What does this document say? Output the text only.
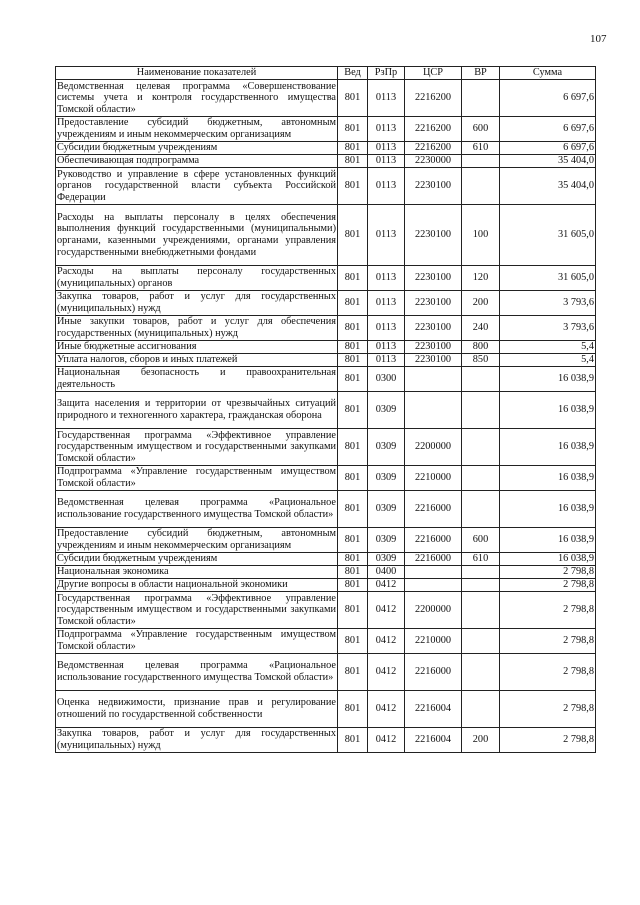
107
Наименование показателей	Вед	РзПр	ЦСР	ВР	Сумма
Ведомственная целевая программа «Совершенствование системы учета и контроля государственного имущества Томской области»	801	0113	2216200		6 697,6
Предоставление субсидий бюджетным, автономным учреждениям и иным некоммерческим организациям	801	0113	2216200	600	6 697,6
Субсидии бюджетным учреждениям	801	0113	2216200	610	6 697,6
Обеспечивающая подпрограмма	801	0113	2230000		35 404,0
Руководство и управление в сфере установленных функций органов государственной власти субъекта Российской Федерации	801	0113	2230100		35 404,0
Расходы на выплаты персоналу в целях обеспечения выполнения функций государственными (муниципальными) органами, казенными учреждениями, органами управления государственными внебюджетными фондами	801	0113	2230100	100	31 605,0
Расходы на выплаты персоналу государственных (муниципальных) органов	801	0113	2230100	120	31 605,0
Закупка товаров, работ и услуг для государственных (муниципальных) нужд	801	0113	2230100	200	3 793,6
Иные закупки товаров, работ и услуг для обеспечения государственных (муниципальных) нужд	801	0113	2230100	240	3 793,6
Иные бюджетные ассигнования	801	0113	2230100	800	5,4
Уплата налогов, сборов и иных платежей	801	0113	2230100	850	5,4
Национальная безопасность и правоохранительная деятельность	801	0300			16 038,9
Защита населения и территории от чрезвычайных ситуаций природного и техногенного характера, гражданская оборона	801	0309			16 038,9
Государственная программа «Эффективное управление государственным имуществом и государственными закупками Томской области»	801	0309	2200000		16 038,9
Подпрограмма «Управление государственным имуществом Томской области»	801	0309	2210000		16 038,9
Ведомственная целевая программа «Рациональное использование государственного имущества Томской области»	801	0309	2216000		16 038,9
Предоставление субсидий бюджетным, автономным учреждениям и иным некоммерческим организациям	801	0309	2216000	600	16 038,9
Субсидии бюджетным учреждениям	801	0309	2216000	610	16 038,9
Национальная экономика	801	0400			2 798,8
Другие вопросы в области национальной экономики	801	0412			2 798,8
Государственная программа «Эффективное управление государственным имуществом и государственными закупками Томской области»	801	0412	2200000		2 798,8
Подпрограмма «Управление государственным имуществом Томской области»	801	0412	2210000		2 798,8
Ведомственная целевая программа «Рациональное использование государственного имущества Томской области»	801	0412	2216000		2 798,8
Оценка недвижимости, признание прав и регулирование отношений по государственной собственности	801	0412	2216004		2 798,8
Закупка товаров, работ и услуг для государственных (муниципальных) нужд	801	0412	2216004	200	2 798,8
